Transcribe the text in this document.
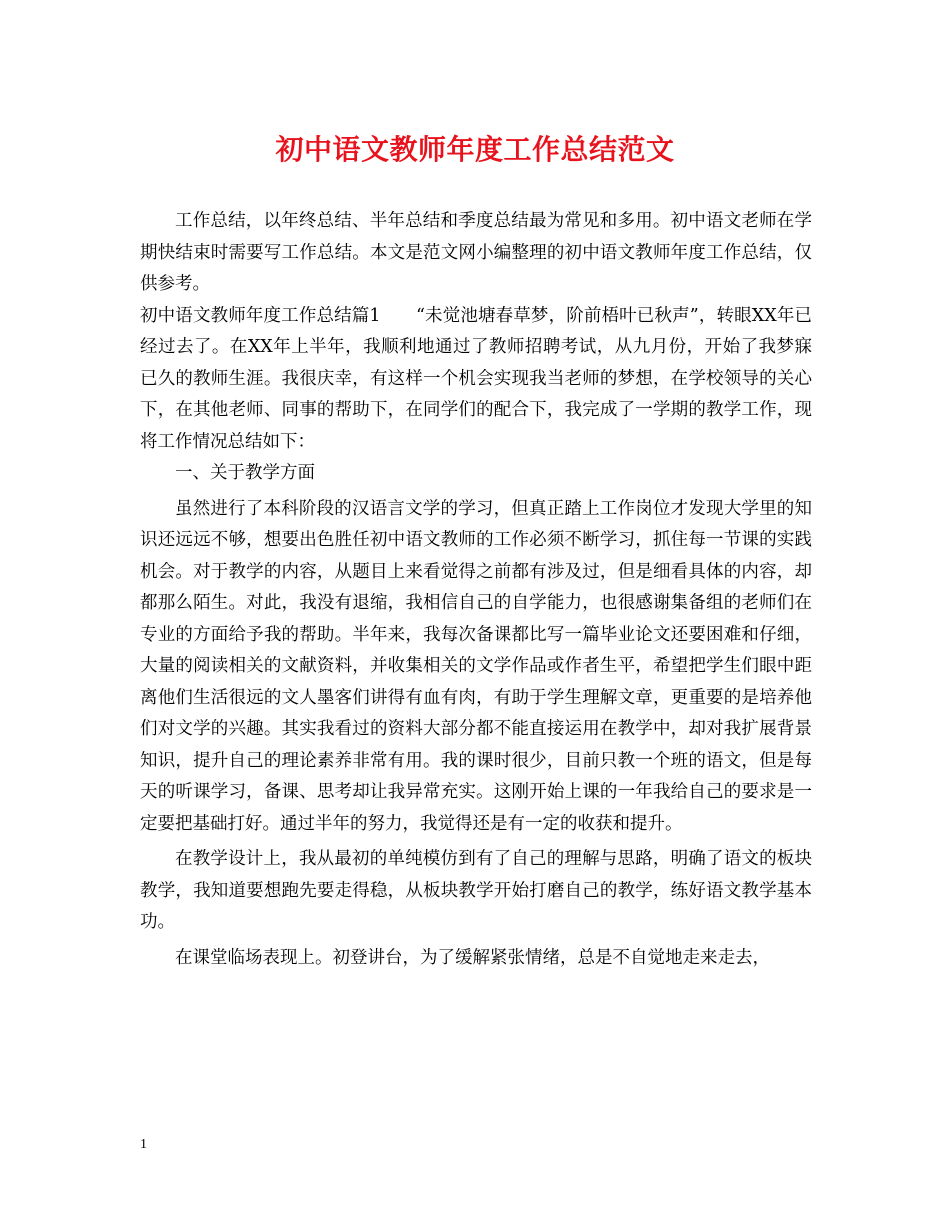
初中语文教师年度工作总结范文

工作总结，以年终总结、半年总结和季度总结最为常见和多用。初中语文老师在学期快结束时需要写工作总结。本文是范文网小编整理的初中语文教师年度工作总结，仅供参考。

初中语文教师年度工作总结篇1　　“未觉池塘春草梦，阶前梧叶已秋声”，转眼XX年已经过去了。在XX年上半年，我顺利地通过了教师招聘考试，从九月份，开始了我梦寐已久的教师生涯。我很庆幸，有这样一个机会实现我当老师的梦想，在学校领导的关心下，在其他老师、同事的帮助下，在同学们的配合下，我完成了一学期的教学工作，现将工作情况总结如下：

一、关于教学方面

虽然进行了本科阶段的汉语言文学的学习，但真正踏上工作岗位才发现大学里的知识还远远不够，想要出色胜任初中语文教师的工作必须不断学习，抓住每一节课的实践机会。对于教学的内容，从题目上来看觉得之前都有涉及过，但是细看具体的内容，却都那么陌生。对此，我没有退缩，我相信自己的自学能力，也很感谢集备组的老师们在专业的方面给予我的帮助。半年来，我每次备课都比写一篇毕业论文还要困难和仔细，大量的阅读相关的文献资料，并收集相关的文学作品或作者生平，希望把学生们眼中距离他们生活很远的文人墨客们讲得有血有肉，有助于学生理解文章，更重要的是培养他们对文学的兴趣。其实我看过的资料大部分都不能直接运用在教学中，却对我扩展背景知识，提升自己的理论素养非常有用。我的课时很少，目前只教一个班的语文，但是每天的听课学习，备课、思考却让我异常充实。这刚开始上课的一年我给自己的要求是一定要把基础打好。通过半年的努力，我觉得还是有一定的收获和提升。

在教学设计上，我从最初的单纯模仿到有了自己的理解与思路，明确了语文的板块教学，我知道要想跑先要走得稳，从板块教学开始打磨自己的教学，练好语文教学基本功。

在课堂临场表现上。初登讲台，为了缓解紧张情绪，总是不自觉地走来走去，

1
